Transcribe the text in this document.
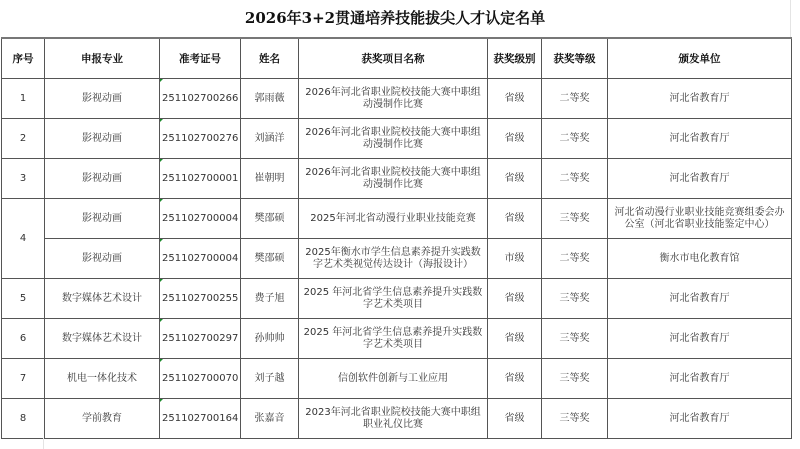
2026年3+2贯通培养技能拔尖人才认定名单
序号	申报专业	准考证号	姓名	获奖项目名称	获奖级别	获奖等级	颁发单位
1	影视动画	251102700266	郭雨薇	2026年河北省职业院校技能大赛中职组动漫制作比赛	省级	二等奖	河北省教育厅
2	影视动画	251102700276	刘涵洋	2026年河北省职业院校技能大赛中职组动漫制作比赛	省级	二等奖	河北省教育厅
3	影视动画	251102700001	崔朝明	2026年河北省职业院校技能大赛中职组动漫制作比赛	省级	二等奖	河北省教育厅
4	影视动画	251102700004	樊邵硕	2025年河北省动漫行业职业技能竞赛	省级	三等奖	河北省动漫行业职业技能竞赛组委会办公室（河北省职业技能鉴定中心）
	影视动画	251102700004	樊邵硕	2025年衡水市学生信息素养提升实践数字艺术类视觉传达设计（海报设计）	市级	二等奖	衡水市电化教育馆
5	数字媒体艺术设计	251102700255	费子旭	2025 年河北省学生信息素养提升实践数字艺术类项目	省级	三等奖	河北省教育厅
6	数字媒体艺术设计	251102700297	孙帅帅	2025 年河北省学生信息素养提升实践数字艺术类项目	省级	三等奖	河北省教育厅
7	机电一体化技术	251102700070	刘子越	信创软件创新与工业应用	省级	三等奖	河北省教育厅
8	学前教育	251102700164	张嘉音	2023年河北省职业院校技能大赛中职组职业礼仪比赛	省级	三等奖	河北省教育厅
